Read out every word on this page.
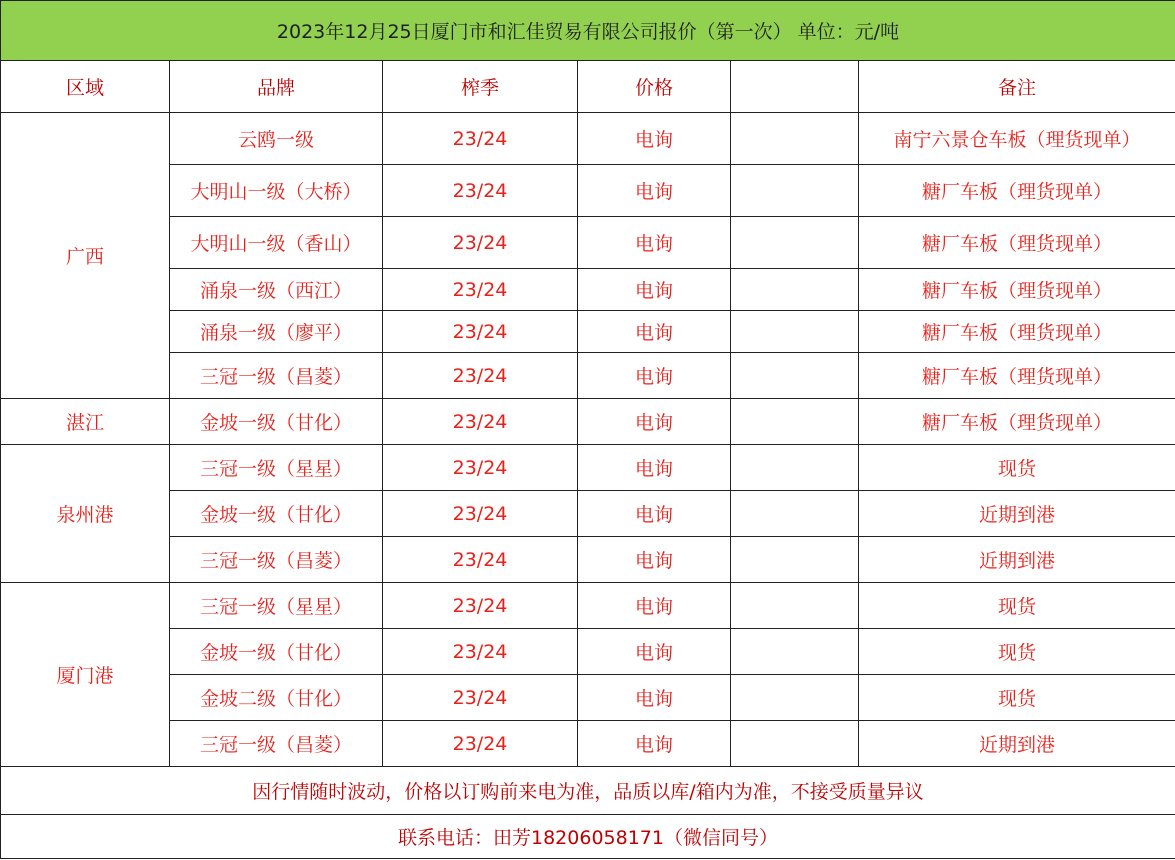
2023年12月25日厦门市和汇佳贸易有限公司报价（第一次） 单位：元/吨					
区域	品牌	榨季	价格		备注
广西	云鸥一级	23/24	电询		南宁六景仓车板（理货现单）
	大明山一级（大桥）	23/24	电询		糖厂车板（理货现单）
	大明山一级（香山）	23/24	电询		糖厂车板（理货现单）
	涌泉一级（西江）	23/24	电询		糖厂车板（理货现单）
	涌泉一级（廖平）	23/24	电询		糖厂车板（理货现单）
	三冠一级（昌菱）	23/24	电询		糖厂车板（理货现单）
湛江	金坡一级（甘化）	23/24	电询		糖厂车板（理货现单）
泉州港	三冠一级（星星）	23/24	电询		现货
	金坡一级（甘化）	23/24	电询		近期到港
	三冠一级（昌菱）	23/24	电询		近期到港
厦门港	三冠一级（星星）	23/24	电询		现货
	金坡一级（甘化）	23/24	电询		现货
	金坡二级（甘化）	23/24	电询		现货
	三冠一级（昌菱）	23/24	电询		近期到港
因行情随时波动，价格以订购前来电为准，品质以库/箱内为准，不接受质量异议					
联系电话：田芳18206058171（微信同号）					
